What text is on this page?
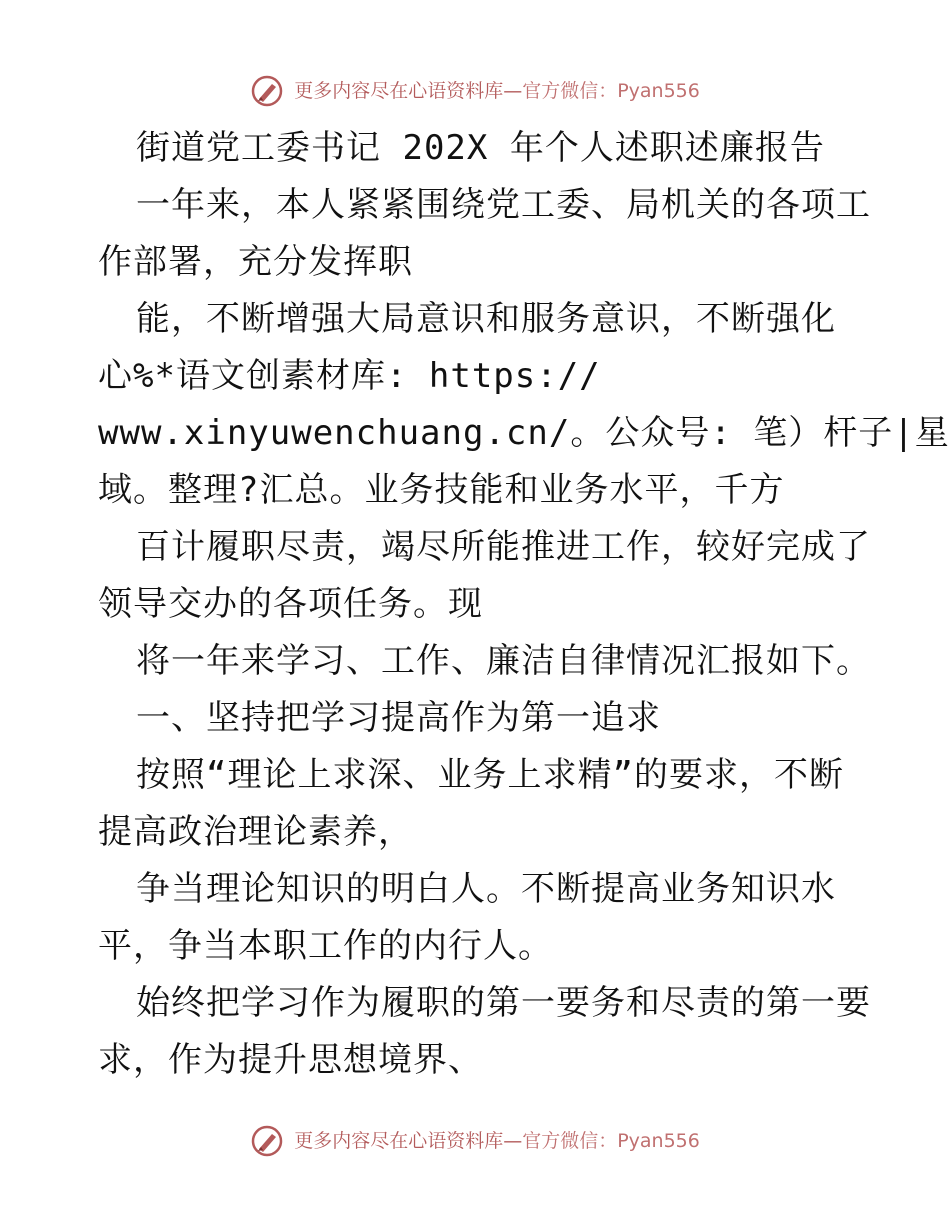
更多内容尽在心语资料库—官方微信：Pyan556
街道党工委书记 202X 年个人述职述廉报告
一年来，本人紧紧围绕党工委、局机关的各项工
作部署，充分发挥职
能，不断增强大局意识和服务意识，不断强化
心%*语文创素材库: https://
www.xinyuwenchuang.cn/。公众号: 笔）杆子|星
域。整理?汇总。业务技能和业务水平，千方
百计履职尽责，竭尽所能推进工作，较好完成了
领导交办的各项任务。现
将一年来学习、工作、廉洁自律情况汇报如下。
一、坚持把学习提高作为第一追求
按照“理论上求深、业务上求精”的要求，不断
提高政治理论素养，
争当理论知识的明白人。不断提高业务知识水
平，争当本职工作的内行人。
始终把学习作为履职的第一要务和尽责的第一要
求，作为提升思想境界、
更多内容尽在心语资料库—官方微信：Pyan556
